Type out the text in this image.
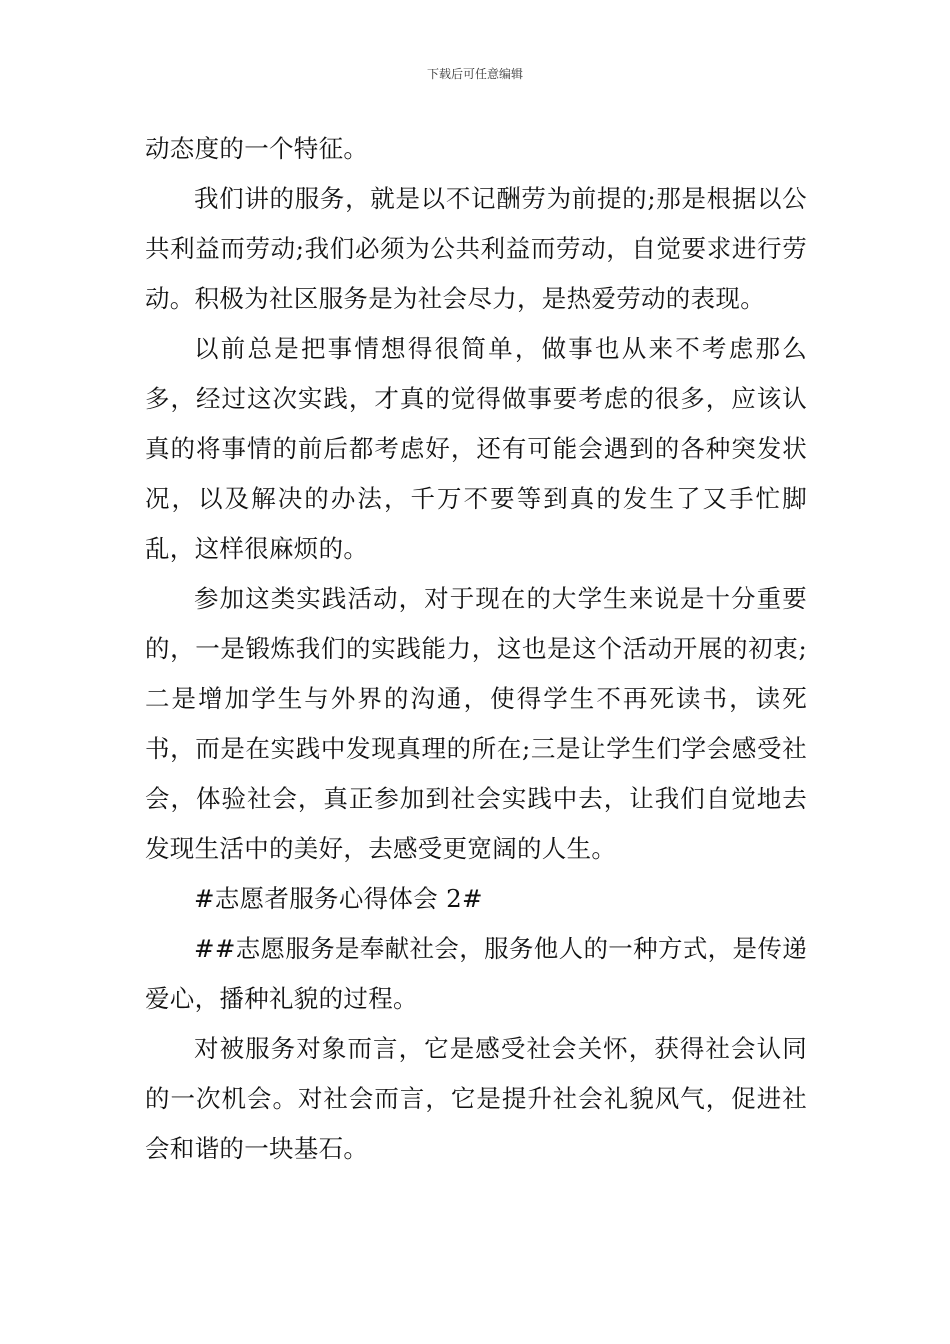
下载后可任意编辑

动态度的一个特征。

我们讲的服务，就是以不记酬劳为前提的;那是根据以公共利益而劳动;我们必须为公共利益而劳动，自觉要求进行劳动。积极为社区服务是为社会尽力，是热爱劳动的表现。

以前总是把事情想得很简单，做事也从来不考虑那么多，经过这次实践，才真的觉得做事要考虑的很多，应该认真的将事情的前后都考虑好，还有可能会遇到的各种突发状况，以及解决的办法，千万不要等到真的发生了又手忙脚乱，这样很麻烦的。

参加这类实践活动，对于现在的大学生来说是十分重要的，一是锻炼我们的实践能力，这也是这个活动开展的初衷;二是增加学生与外界的沟通，使得学生不再死读书，读死书，而是在实践中发现真理的所在;三是让学生们学会感受社会，体验社会，真正参加到社会实践中去，让我们自觉地去发现生活中的美好，去感受更宽阔的人生。

#志愿者服务心得体会 2#

##志愿服务是奉献社会，服务他人的一种方式，是传递爱心，播种礼貌的过程。

对被服务对象而言，它是感受社会关怀，获得社会认同的一次机会。对社会而言，它是提升社会礼貌风气，促进社会和谐的一块基石。
